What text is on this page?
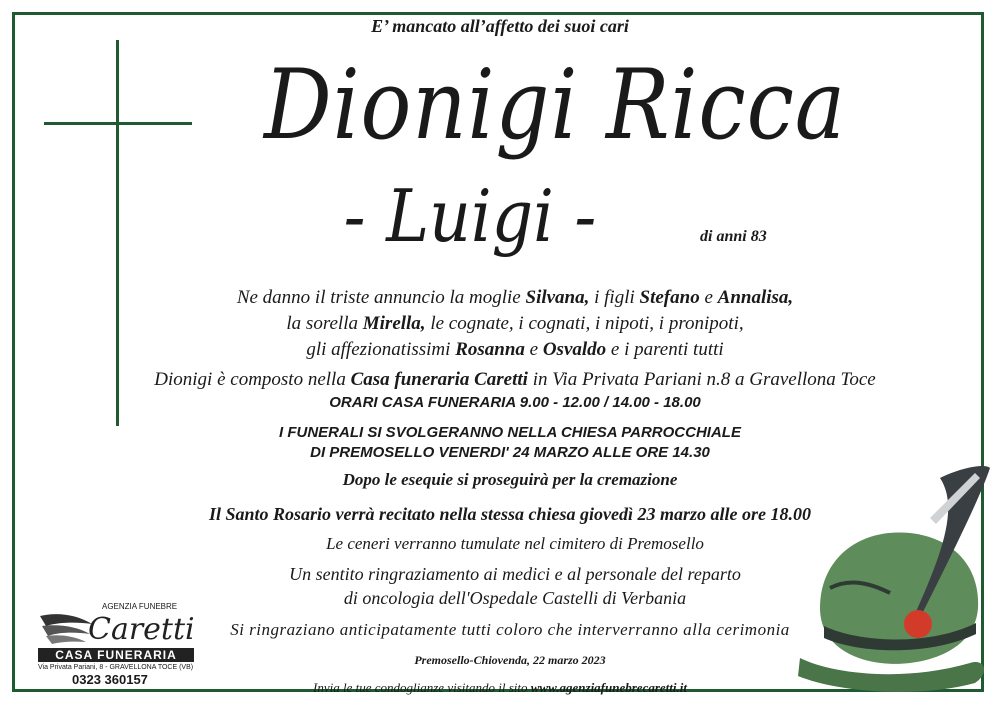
E’ mancato all’affetto dei suoi cari
Dionigi Ricca
- Luigi -	di anni 83
Ne danno il triste annuncio la moglie Silvana, i figli Stefano e Annalisa,
la sorella Mirella, le cognate, i cognati, i nipoti, i pronipoti,
gli affezionatissimi Rosanna e Osvaldo e i parenti tutti
Dionigi è composto nella Casa funeraria Caretti in Via Privata Pariani n.8 a Gravellona Toce
ORARI CASA FUNERARIA 9.00 - 12.00 / 14.00 - 18.00
I FUNERALI SI SVOLGERANNO NELLA CHIESA PARROCCHIALE
DI PREMOSELLO VENERDI' 24 MARZO ALLE ORE 14.30
Dopo le esequie si proseguirà per la cremazione
Il Santo Rosario verrà recitato nella stessa chiesa giovedì 23 marzo alle ore 18.00
Le ceneri verranno tumulate nel cimitero di Premosello
Un sentito ringraziamento ai medici e al personale del reparto
di oncologia dell'Ospedale Castelli di Verbania
Si ringraziano anticipatamente tutti coloro che interverranno alla cerimonia
Premosello-Chiovenda, 22 marzo 2023
Invia le tue condoglianze visitando il sito www.agenziafunebrecaretti.it
AGENZIA FUNEBRE
Caretti
CASA FUNERARIA
Via Privata Pariani, 8 - GRAVELLONA TOCE (VB)
0323 360157
